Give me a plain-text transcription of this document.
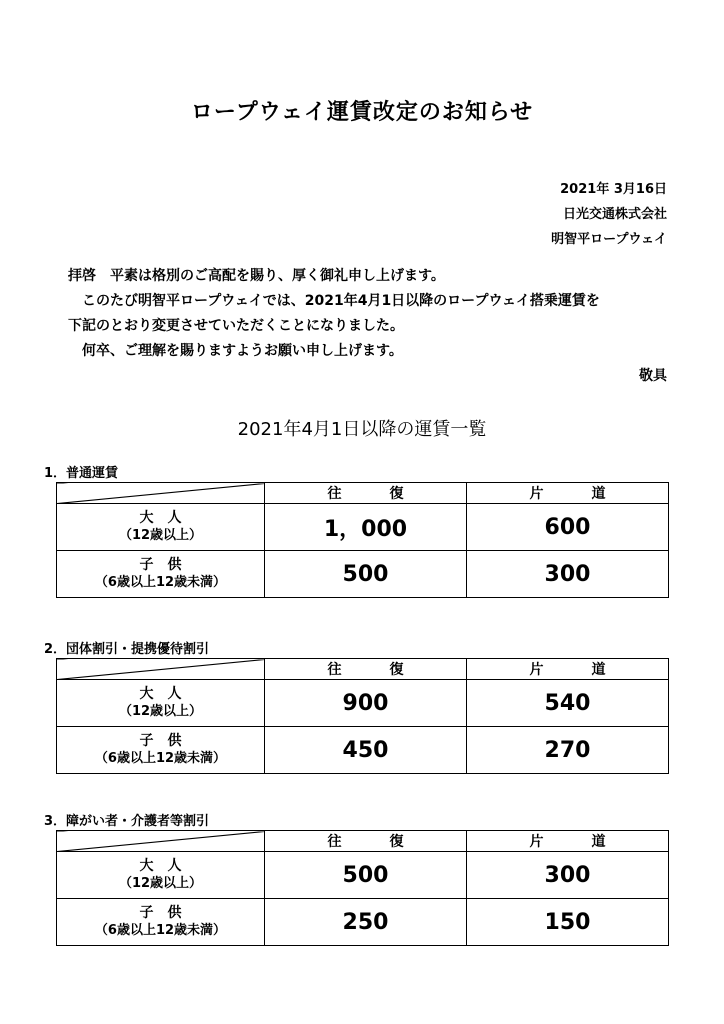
ロープウェイ運賃改定のお知らせ
2021年 3月16日
日光交通株式会社
明智平ロープウェイ
拝啓　平素は格別のご高配を賜り、厚く御礼申し上げます。
　このたび明智平ロープウェイでは、2021年4月1日以降のロープウェイ搭乗運賃を
下記のとおり変更させていただくことになりました。
　何卒、ご理解を賜りますようお願い申し上げます。
敬具
2021年4月1日以降の運賃一覧
1．普通運賃
	往復	片道

大人
（12歳以上）	1，000	600

子供
（6歳以上12歳未満）	500	300
2．団体割引・提携優待割引
	往復	片道

大人
（12歳以上）	900	540

子供
（6歳以上12歳未満）	450	270
3．障がい者・介護者等割引
	往復	片道

大人
（12歳以上）	500	300

子供
（6歳以上12歳未満）	250	150
